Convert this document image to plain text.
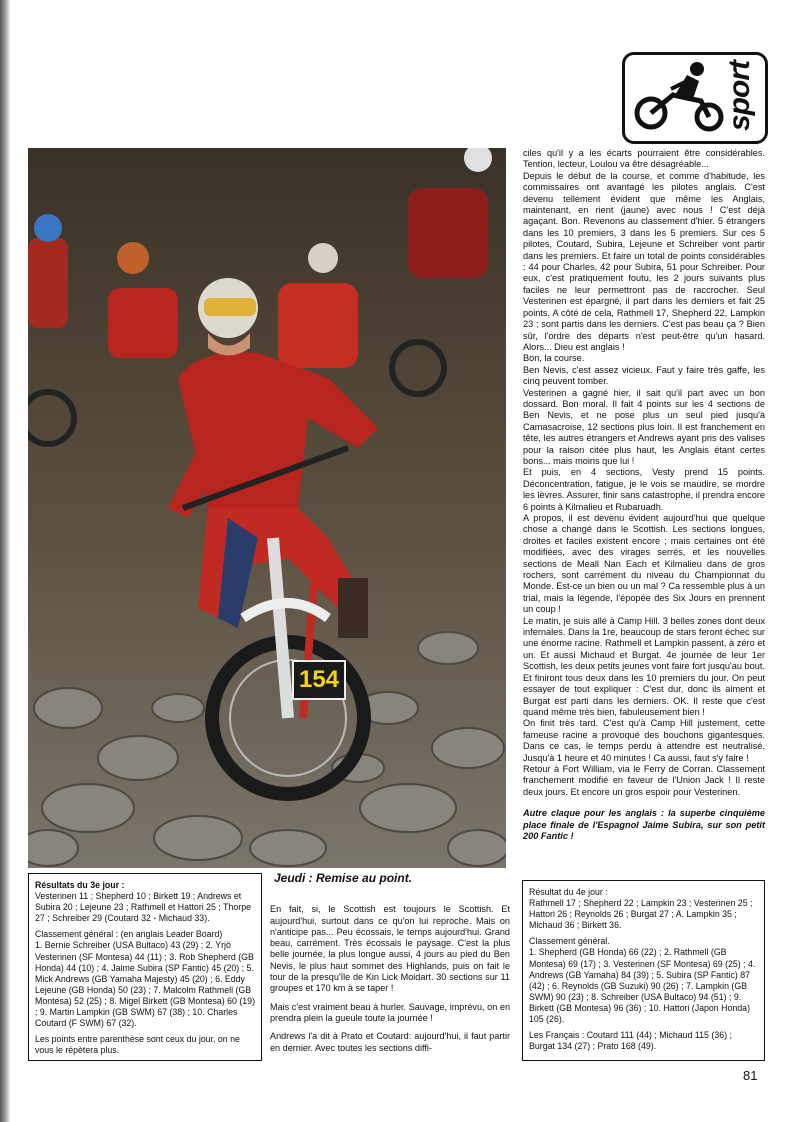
sport
154

ciles qu'il y a les écarts pourraient être considérables. Tention, lecteur, Loulou va être désagréable...

Depuis le début de la course, et comme d'habitude, les commissaires ont avantagé les pilotes anglais. C'est devenu tellement évident que même les Anglais, maintenant, en rient (jaune) avec nous ! C'est déjà agaçant. Bon. Revenons au classement d'hier. 5 étrangers dans les 10 premiers, 3 dans les 5 premiers. Sur ces 5 pilotes, Coutard, Subira, Lejeune et Schreiber vont partir dans les premiers. Et faire un total de points considérables : 44 pour Charles, 42 pour Subira, 51 pour Schreiber. Pour eux, c'est pratiquement foutu, les 2 jours suivants plus faciles ne leur permettront pas de raccrocher. Seul Vesterinen est épargné, il part dans les derniers et fait 25 points. A côté de cela, Rathmell 17, Shepherd 22, Lampkin 23 ; sont partis dans les derniers. C'est pas beau ça ? Bien sûr, l'ordre des départs n'est peut-être qu'un hasard. Alors... Dieu est anglais !

Bon, la course.

Ben Nevis, c'est assez vicieux. Faut y faire très gaffe, les cinq peuvent tomber.

Vesterinen a gagné hier, il sait qu'il part avec un bon dossard. Bon moral. Il fait 4 points sur les 4 sections de Ben Nevis, et ne pose plus un seul pied jusqu'à Camasacroise, 12 sections plus loin. Il est franchement en tête, les autres étrangers et Andrews ayant pris des valises pour la raison citée plus haut, les Anglais étant certes bons... mais moins que lui !

Et puis, en 4 sections, Vesty prend 15 points. Déconcentration, fatigue, je le vois se maudire, se mordre les lèvres. Assurer, finir sans catastrophe, il prendra encore 6 points à Kilmalieu et Rubaruadh.

A propos, il est devenu évident aujourd'hui que quelque chose a changé dans le Scottish. Les sections longues, droites et faciles existent encore ; mais certaines ont été modifiées, avec des virages serrés, et les nouvelles sections de Meall Nan Each et Kilmalieu dans de gros rochers, sont carrément du niveau du Championnat du Monde. Est-ce un bien ou un mal ? Ca ressemble plus à un trial, mais la légende, l'épopée des Six Jours en prennent un coup !

Le matin, je suis allé à Camp Hill. 3 belles zones dont deux infernales. Dans la 1re, beaucoup de stars feront échec sur une énorme racine. Rathmell et Lampkin passent, à zéro et un. Et aussi Michaud et Burgat. 4e journée de leur 1er Scottish, les deux petits jeunes vont faire fort jusqu'au bout. Et finiront tous deux dans les 10 premiers du jour. On peut essayer de tout expliquer : C'est dur, donc ils aiment et Burgat est parti dans les derniers. OK. Il reste que c'est quand même très bien, fabuleusement bien !

On finit très tard. C'est qu'à Camp Hill justement, cette fameuse racine a provoqué des bouchons gigantesques. Dans ce cas, le temps perdu à attendre est neutralisé. Jusqu'à 1 heure et 40 minutes ! Ca aussi, faut s'y faire !

Retour à Fort William, via le Ferry de Corran. Classement franchement modifié en faveur de l'Union Jack ! Il reste deux jours. Et encore un gros espoir pour Vesterinen.

Autre claque pour les anglais : la superbe cinquième place finale de l'Espagnol Jaime Subira, sur son petit 200 Fantic !

Résultats du 3e jour :

Vesterinen 11 ; Shepherd 10 ; Birkett 19 ; Andrews et Subira 20 ; Lejeune 23 ; Rathmell et Hattori 25 ; Thorpe 27 ; Schreiber 29 (Coutard 32 - Michaud 33).

Classement général : (en anglais Leader Board)

1. Bernie Schreiber (USA Bultaco) 43 (29) ; 2. Yrjö Vesterinen (SF Montesa) 44 (11) ; 3. Rob Shepherd (GB Honda) 44 (10) ; 4. Jaime Subira (SP Fantic) 45 (20) ; 5. Mick Andrews (GB Yamaha Majesty) 45 (20) ; 6. Eddy Lejeune (GB Honda) 50 (23) ; 7. Malcolm Rathmell (GB Montesa) 52 (25) ; 8. Migel Birkett (GB Montesa) 60 (19) ; 9. Martin Lampkin (GB SWM) 67 (38) ; 10. Charles Coutard (F SWM) 67 (32).

Les points entre parenthèse sont ceux du jour, on ne vous le répètera plus.

Jeudi : Remise au point.

En fait, si, le Scottish est toujours le Scottish. Et aujourd'hui, surtout dans ce qu'on lui reproche. Mais on n'anticipe pas... Peu écossais, le temps aujourd'hui. Grand beau, carrément. Très écossais le paysage. C'est la plus belle journée, la plus longue aussi, 4 jours au pied du Ben Nevis, le plus haut sommet des Highlands, puis on fait le tour de la presqu'île de Kin Lick Moidart. 30 sections sur 11 groupes et 170 km à se taper !

Mais c'est vraiment beau à hurler. Sauvage, imprévu, on en prendra plein la gueule toute la journée !

Andrews l'a dit à Prato et Coutard: aujourd'hui, il faut partir en dernier. Avec toutes les sections diffi-

Résultat du 4e jour :

Rathmell 17 ; Shepherd 22 ; Lampkin 23 ; Vesterinen 25 ; Hattori 26 ; Reynolds 26 ; Burgat 27 ; A. Lampkin 35 ; Michaud 36 ; Birkett 36.

Classement général.

1. Shepherd (GB Honda) 66 (22) ; 2. Rathmell (GB Montesa) 69 (17) ; 3. Vesterinen (SF Montesa) 69 (25) ; 4. Andrews (GB Yamaha) 84 (39) ; 5. Subira (SP Fantic) 87 (42) ; 6. Reynolds (GB Suzuki) 90 (26) ; 7. Lampkin (GB SWM) 90 (23) ; 8. Schreiber (USA Bultaco) 94 (51) ; 9. Birkett (GB Montesa) 96 (36) ; 10. Hattori (Japon Honda) 105 (26).

Les Français : Coutard 111 (44) ; Michaud 115 (36) ; Burgat 134 (27) ; Prato 168 (49).

81
